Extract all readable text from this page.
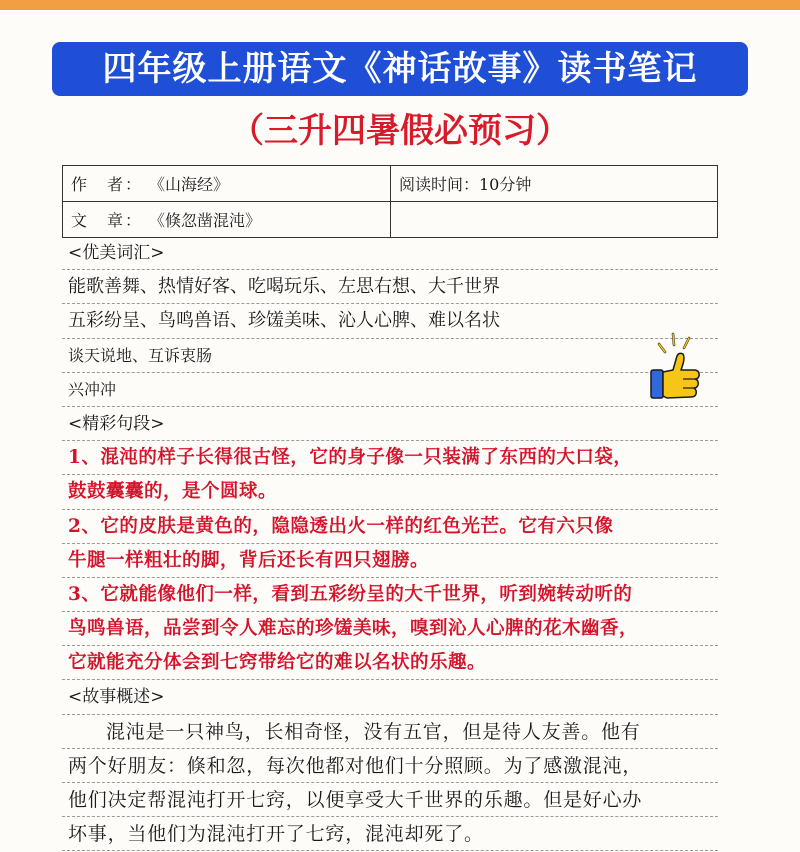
四年级上册语文《神话故事》读书笔记
（三升四暑假必预习）
作　者： 《山海经》	阅读时间：10分钟
文　章： 《倏忽凿混沌》	
<优美词汇>
能歌善舞、热情好客、吃喝玩乐、左思右想、大千世界
五彩纷呈、鸟鸣兽语、珍馐美味、沁人心脾、难以名状
谈天说地、互诉衷肠
兴冲冲
<精彩句段>
1、混沌的样子长得很古怪，它的身子像一只装满了东西的大口袋，
鼓鼓囊囊的，是个圆球。
2、它的皮肤是黄色的，隐隐透出火一样的红色光芒。它有六只像
牛腿一样粗壮的脚，背后还长有四只翅膀。
3、它就能像他们一样，看到五彩纷呈的大千世界，听到婉转动听的
鸟鸣兽语，品尝到令人难忘的珍馐美味，嗅到沁人心脾的花木幽香，
它就能充分体会到七窍带给它的难以名状的乐趣。
<故事概述>
混沌是一只神鸟，长相奇怪，没有五官，但是待人友善。他有
两个好朋友：倏和忽，每次他都对他们十分照顾。为了感激混沌，
他们决定帮混沌打开七窍，以便享受大千世界的乐趣。但是好心办
坏事，当他们为混沌打开了七窍，混沌却死了。
